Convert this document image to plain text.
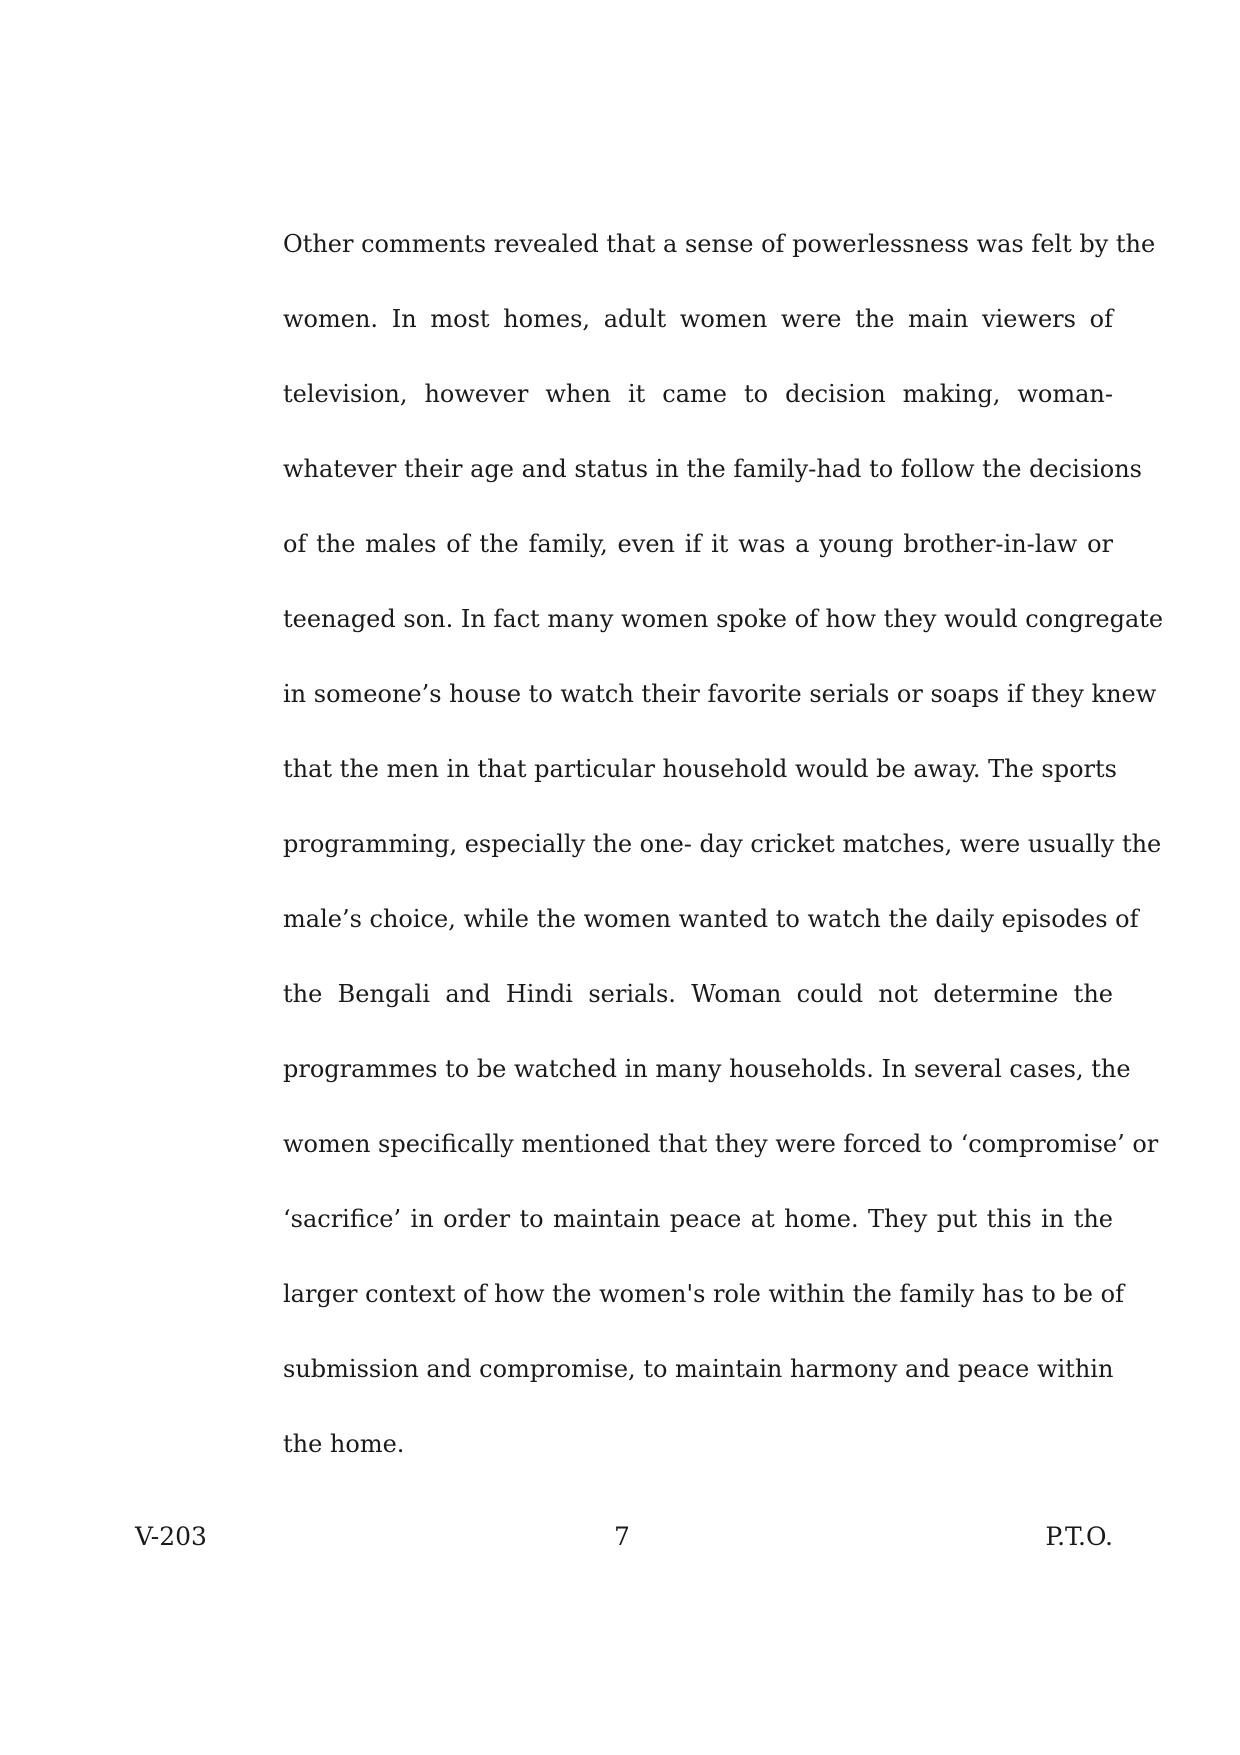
Other comments revealed that a sense of powerlessness was felt by the
women. In most homes, adult women were the main viewers of
television, however when it came to decision making, woman-
whatever their age and status in the family-had to follow the decisions
of the males of the family, even if it was a young brother-in-law or
teenaged son. In fact many women spoke of how they would congregate
in someone’s house to watch their favorite serials or soaps if they knew
that the men in that particular household would be away. The sports
programming, especially the one- day cricket matches, were usually the
male’s choice, while the women wanted to watch the daily episodes of
the Bengali and Hindi serials. Woman could not determine the
programmes to be watched in many households. In several cases, the
women specifically mentioned that they were forced to ‘compromise’ or
‘sacrifice’ in order to maintain peace at home. They put this in the
larger context of how the women's role within the family has to be of
submission and compromise, to maintain harmony and peace within
the home.
V-203	7	P.T.O.
